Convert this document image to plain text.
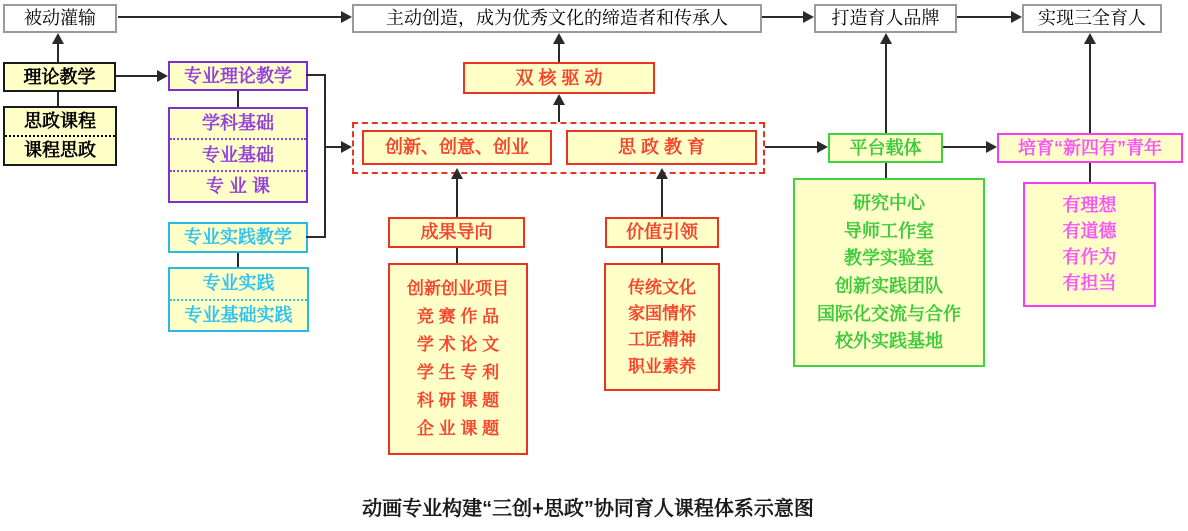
被动灌输	主动创造，成为优秀文化的缔造者和传承人	打造育人品牌	实现三全育人
理论教学
思政课程
课程思政
专业理论教学
学科基础
专业基础
专 业 课
专业实践教学
专业实践
专业基础实践
双 核 驱 动
创新、创意、创业	思 政 教 育
成果导向
创新创业项目
竞 赛 作 品
学 术 论 文
学 生 专 利
科 研 课 题
企 业 课 题
价值引领
传统文化
家国情怀
工匠精神
职业素养
平台载体
研究中心
导师工作室
教学实验室
创新实践团队
国际化交流与合作
校外实践基地
培育“新四有”青年
有理想
有道德
有作为
有担当
动画专业构建“三创+思政”协同育人课程体系示意图
